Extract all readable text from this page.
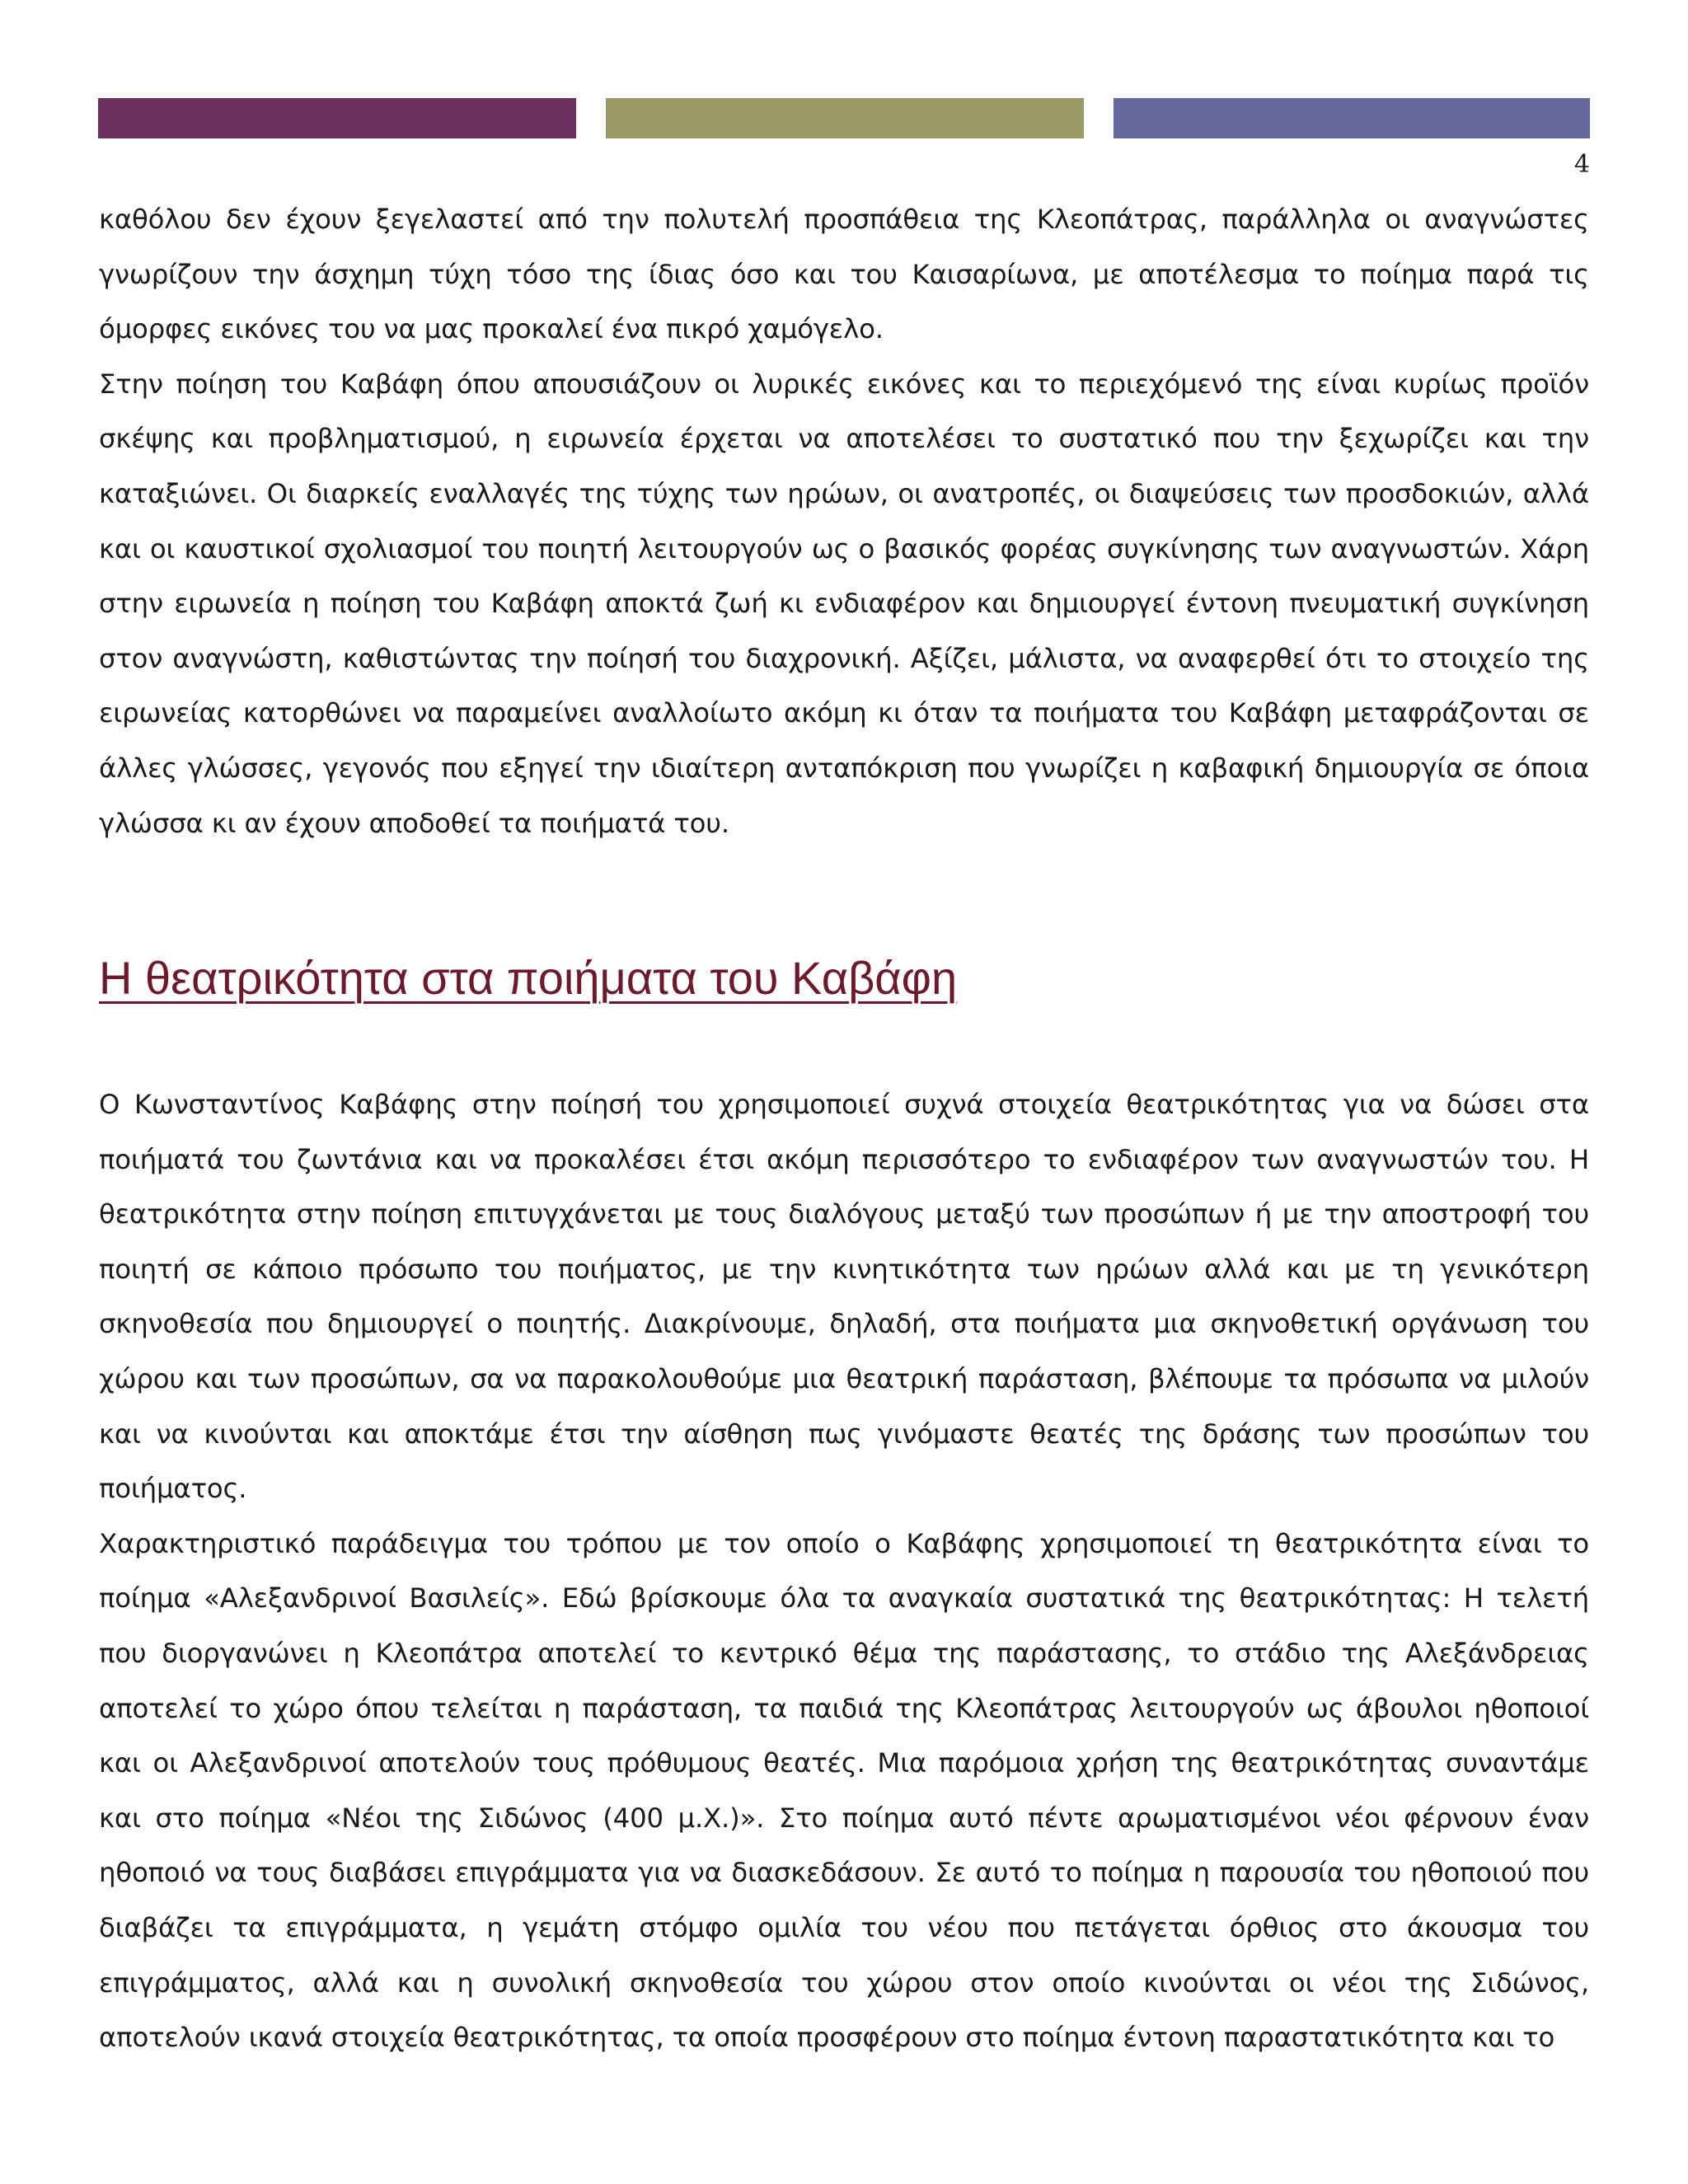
4

καθόλου δεν έχουν ξεγελαστεί από την πολυτελή προσπάθεια της Κλεοπάτρας, παράλληλα οι αναγνώστες γνωρίζουν την άσχημη τύχη τόσο της ίδιας όσο και του Καισαρίωνα, με αποτέλεσμα το ποίημα παρά τις όμορφες εικόνες του να μας προκαλεί ένα πικρό χαμόγελο.

Στην ποίηση του Καβάφη όπου απουσιάζουν οι λυρικές εικόνες και το περιεχόμενό της είναι κυρίως προϊόν σκέψης και προβληματισμού, η ειρωνεία έρχεται να αποτελέσει το συστατικό που την ξεχωρίζει και την καταξιώνει. Οι διαρκείς εναλλαγές της τύχης των ηρώων, οι ανατροπές, οι διαψεύσεις των προσδοκιών, αλλά και οι καυστικοί σχολιασμοί του ποιητή λειτουργούν ως ο βασικός φορέας συγκίνησης των αναγνωστών. Χάρη στην ειρωνεία η ποίηση του Καβάφη αποκτά ζωή κι ενδιαφέρον και δημιουργεί έντονη πνευματική συγκίνηση στον αναγνώστη, καθιστώντας την ποίησή του διαχρονική. Αξίζει, μάλιστα, να αναφερθεί ότι το στοιχείο της ειρωνείας κατορθώνει να παραμείνει αναλλοίωτο ακόμη κι όταν τα ποιήματα του Καβάφη μεταφράζονται σε άλλες γλώσσες, γεγονός που εξηγεί την ιδιαίτερη ανταπόκριση που γνωρίζει η καβαφική δημιουργία σε όποια γλώσσα κι αν έχουν αποδοθεί τα ποιήματά του.

Η θεατρικότητα στα ποιήματα του Καβάφη

Ο Κωνσταντίνος Καβάφης στην ποίησή του χρησιμοποιεί συχνά στοιχεία θεατρικότητας για να δώσει στα ποιήματά του ζωντάνια και να προκαλέσει έτσι ακόμη περισσότερο το ενδιαφέρον των αναγνωστών του. Η θεατρικότητα στην ποίηση επιτυγχάνεται με τους διαλόγους μεταξύ των προσώπων ή με την αποστροφή του ποιητή σε κάποιο πρόσωπο του ποιήματος, με την κινητικότητα των ηρώων αλλά και με τη γενικότερη σκηνοθεσία που δημιουργεί ο ποιητής. Διακρίνουμε, δηλαδή, στα ποιήματα μια σκηνοθετική οργάνωση του χώρου και των προσώπων, σα να παρακολουθούμε μια θεατρική παράσταση, βλέπουμε τα πρόσωπα να μιλούν και να κινούνται και αποκτάμε έτσι την αίσθηση πως γινόμαστε θεατές της δράσης των προσώπων του ποιήματος.

Χαρακτηριστικό παράδειγμα του τρόπου με τον οποίο ο Καβάφης χρησιμοποιεί τη θεατρικότητα είναι το ποίημα «Αλεξανδρινοί Βασιλείς». Εδώ βρίσκουμε όλα τα αναγκαία συστατικά της θεατρικότητας: Η τελετή που διοργανώνει η Κλεοπάτρα αποτελεί το κεντρικό θέμα της παράστασης, το στάδιο της Αλεξάνδρειας αποτελεί το χώρο όπου τελείται η παράσταση, τα παιδιά της Κλεοπάτρας λειτουργούν ως άβουλοι ηθοποιοί και οι Αλεξανδρινοί αποτελούν τους πρόθυμους θεατές. Μια παρόμοια χρήση της θεατρικότητας συναντάμε και στο ποίημα «Νέοι της Σιδώνος (400 μ.Χ.)». Στο ποίημα αυτό πέντε αρωματισμένοι νέοι φέρνουν έναν ηθοποιό να τους διαβάσει επιγράμματα για να διασκεδάσουν. Σε αυτό το ποίημα η παρουσία του ηθοποιού που διαβάζει τα επιγράμματα, η γεμάτη στόμφο ομιλία του νέου που πετάγεται όρθιος στο άκουσμα του επιγράμματος, αλλά και η συνολική σκηνοθεσία του χώρου στον οποίο κινούνται οι νέοι της Σιδώνος, αποτελούν ικανά στοιχεία θεατρικότητας, τα οποία προσφέρουν στο ποίημα έντονη παραστατικότητα και το
